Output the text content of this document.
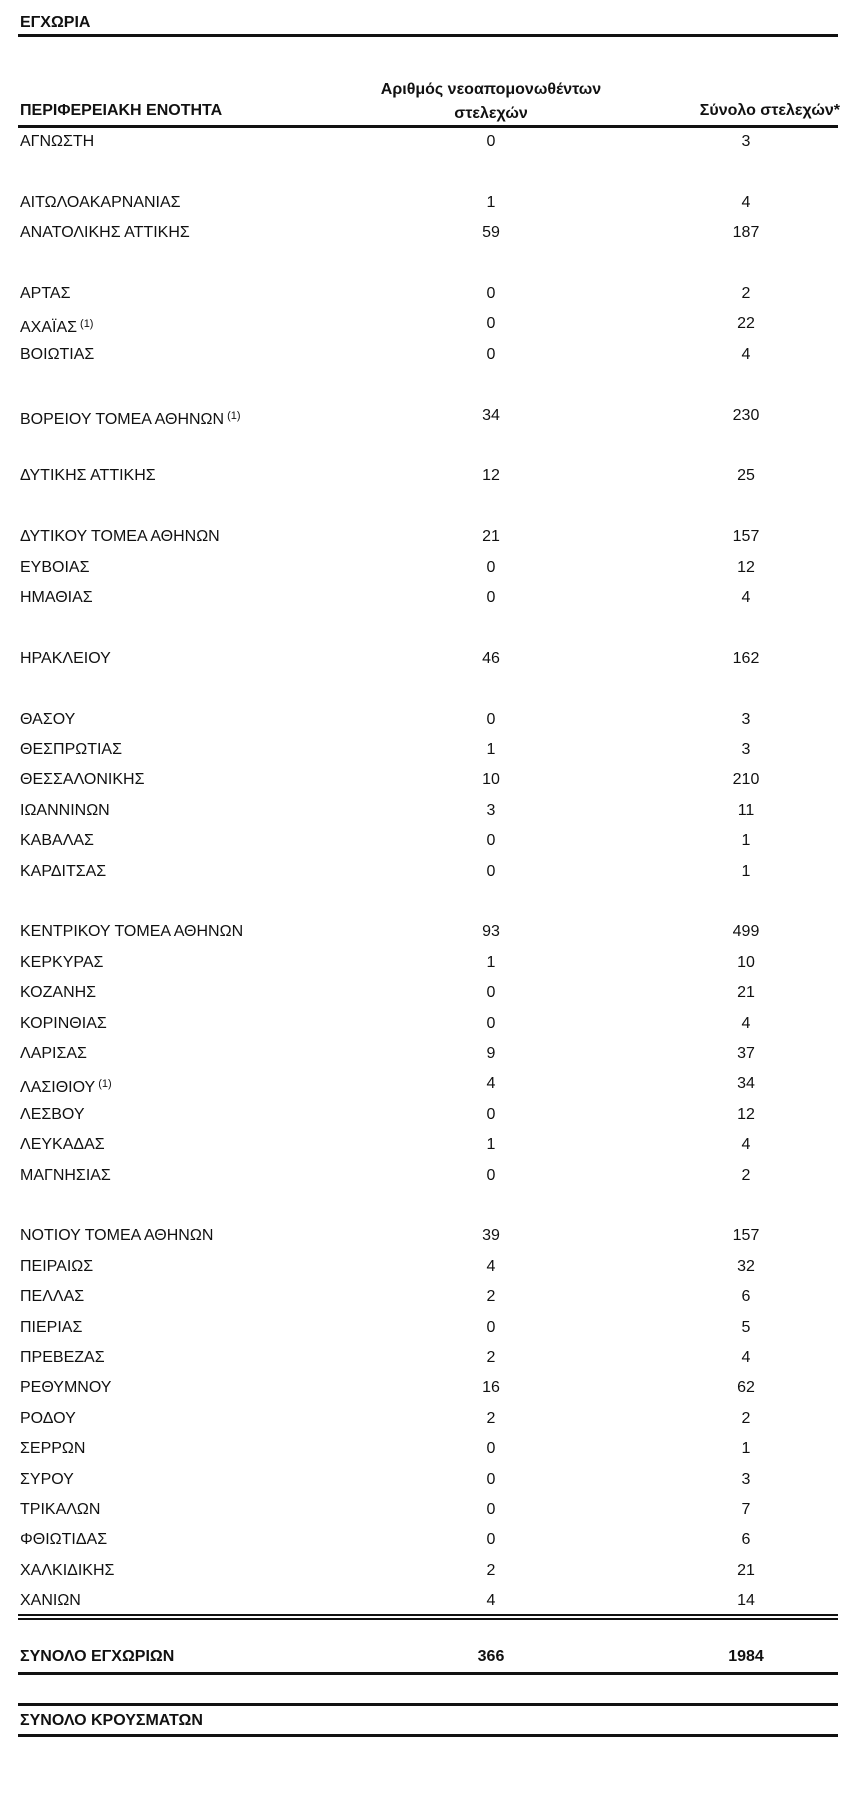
ΕΓΧΩΡΙΑ
ΠΕΡΙΦΕΡΕΙΑΚΗ ΕΝΟΤΗΤΑ
Αριθμός νεοαπομονωθέντων
στελεχών	Σύνολο στελεχών*
ΑΓΝΩΣΤΗ	0	3
ΑΙΤΩΛΟΑΚΑΡΝΑΝΙΑΣ	1	4
ΑΝΑΤΟΛΙΚΗΣ ΑΤΤΙΚΗΣ	59	187
ΑΡΤΑΣ	0	2
ΑΧΑΪΑΣ $^{(1)}$	0	22
ΒΟΙΩΤΙΑΣ	0	4
ΒΟΡΕΙΟΥ ΤΟΜΕΑ ΑΘΗΝΩΝ $^{(1)}$	34	230
ΔΥΤΙΚΗΣ ΑΤΤΙΚΗΣ	12	25
ΔΥΤΙΚΟΥ ΤΟΜΕΑ ΑΘΗΝΩΝ	21	157
ΕΥΒΟΙΑΣ	0	12
ΗΜΑΘΙΑΣ	0	4
ΗΡΑΚΛΕΙΟΥ	46	162
ΘΑΣΟΥ	0	3
ΘΕΣΠΡΩΤΙΑΣ	1	3
ΘΕΣΣΑΛΟΝΙΚΗΣ	10	210
ΙΩΑΝΝΙΝΩΝ	3	11
ΚΑΒΑΛΑΣ	0	1
ΚΑΡΔΙΤΣΑΣ	0	1
ΚΕΝΤΡΙΚΟΥ ΤΟΜΕΑ ΑΘΗΝΩΝ	93	499
ΚΕΡΚΥΡΑΣ	1	10
ΚΟΖΑΝΗΣ	0	21
ΚΟΡΙΝΘΙΑΣ	0	4
ΛΑΡΙΣΑΣ	9	37
ΛΑΣΙΘΙΟΥ $^{(1)}$	4	34
ΛΕΣΒΟΥ	0	12
ΛΕΥΚΑΔΑΣ	1	4
ΜΑΓΝΗΣΙΑΣ	0	2
ΝΟΤΙΟΥ ΤΟΜΕΑ ΑΘΗΝΩΝ	39	157
ΠΕΙΡΑΙΩΣ	4	32
ΠΕΛΛΑΣ	2	6
ΠΙΕΡΙΑΣ	0	5
ΠΡΕΒΕΖΑΣ	2	4
ΡΕΘΥΜΝΟΥ	16	62
ΡΟΔΟΥ	2	2
ΣΕΡΡΩΝ	0	1
ΣΥΡΟΥ	0	3
ΤΡΙΚΑΛΩΝ	0	7
ΦΘΙΩΤΙΔΑΣ	0	6
ΧΑΛΚΙΔΙΚΗΣ	2	21
ΧΑΝΙΩΝ	4	14
ΣΥΝΟΛΟ ΕΓΧΩΡΙΩΝ	366	1984
ΣΥΝΟΛΟ ΚΡΟΥΣΜΑΤΩΝ
